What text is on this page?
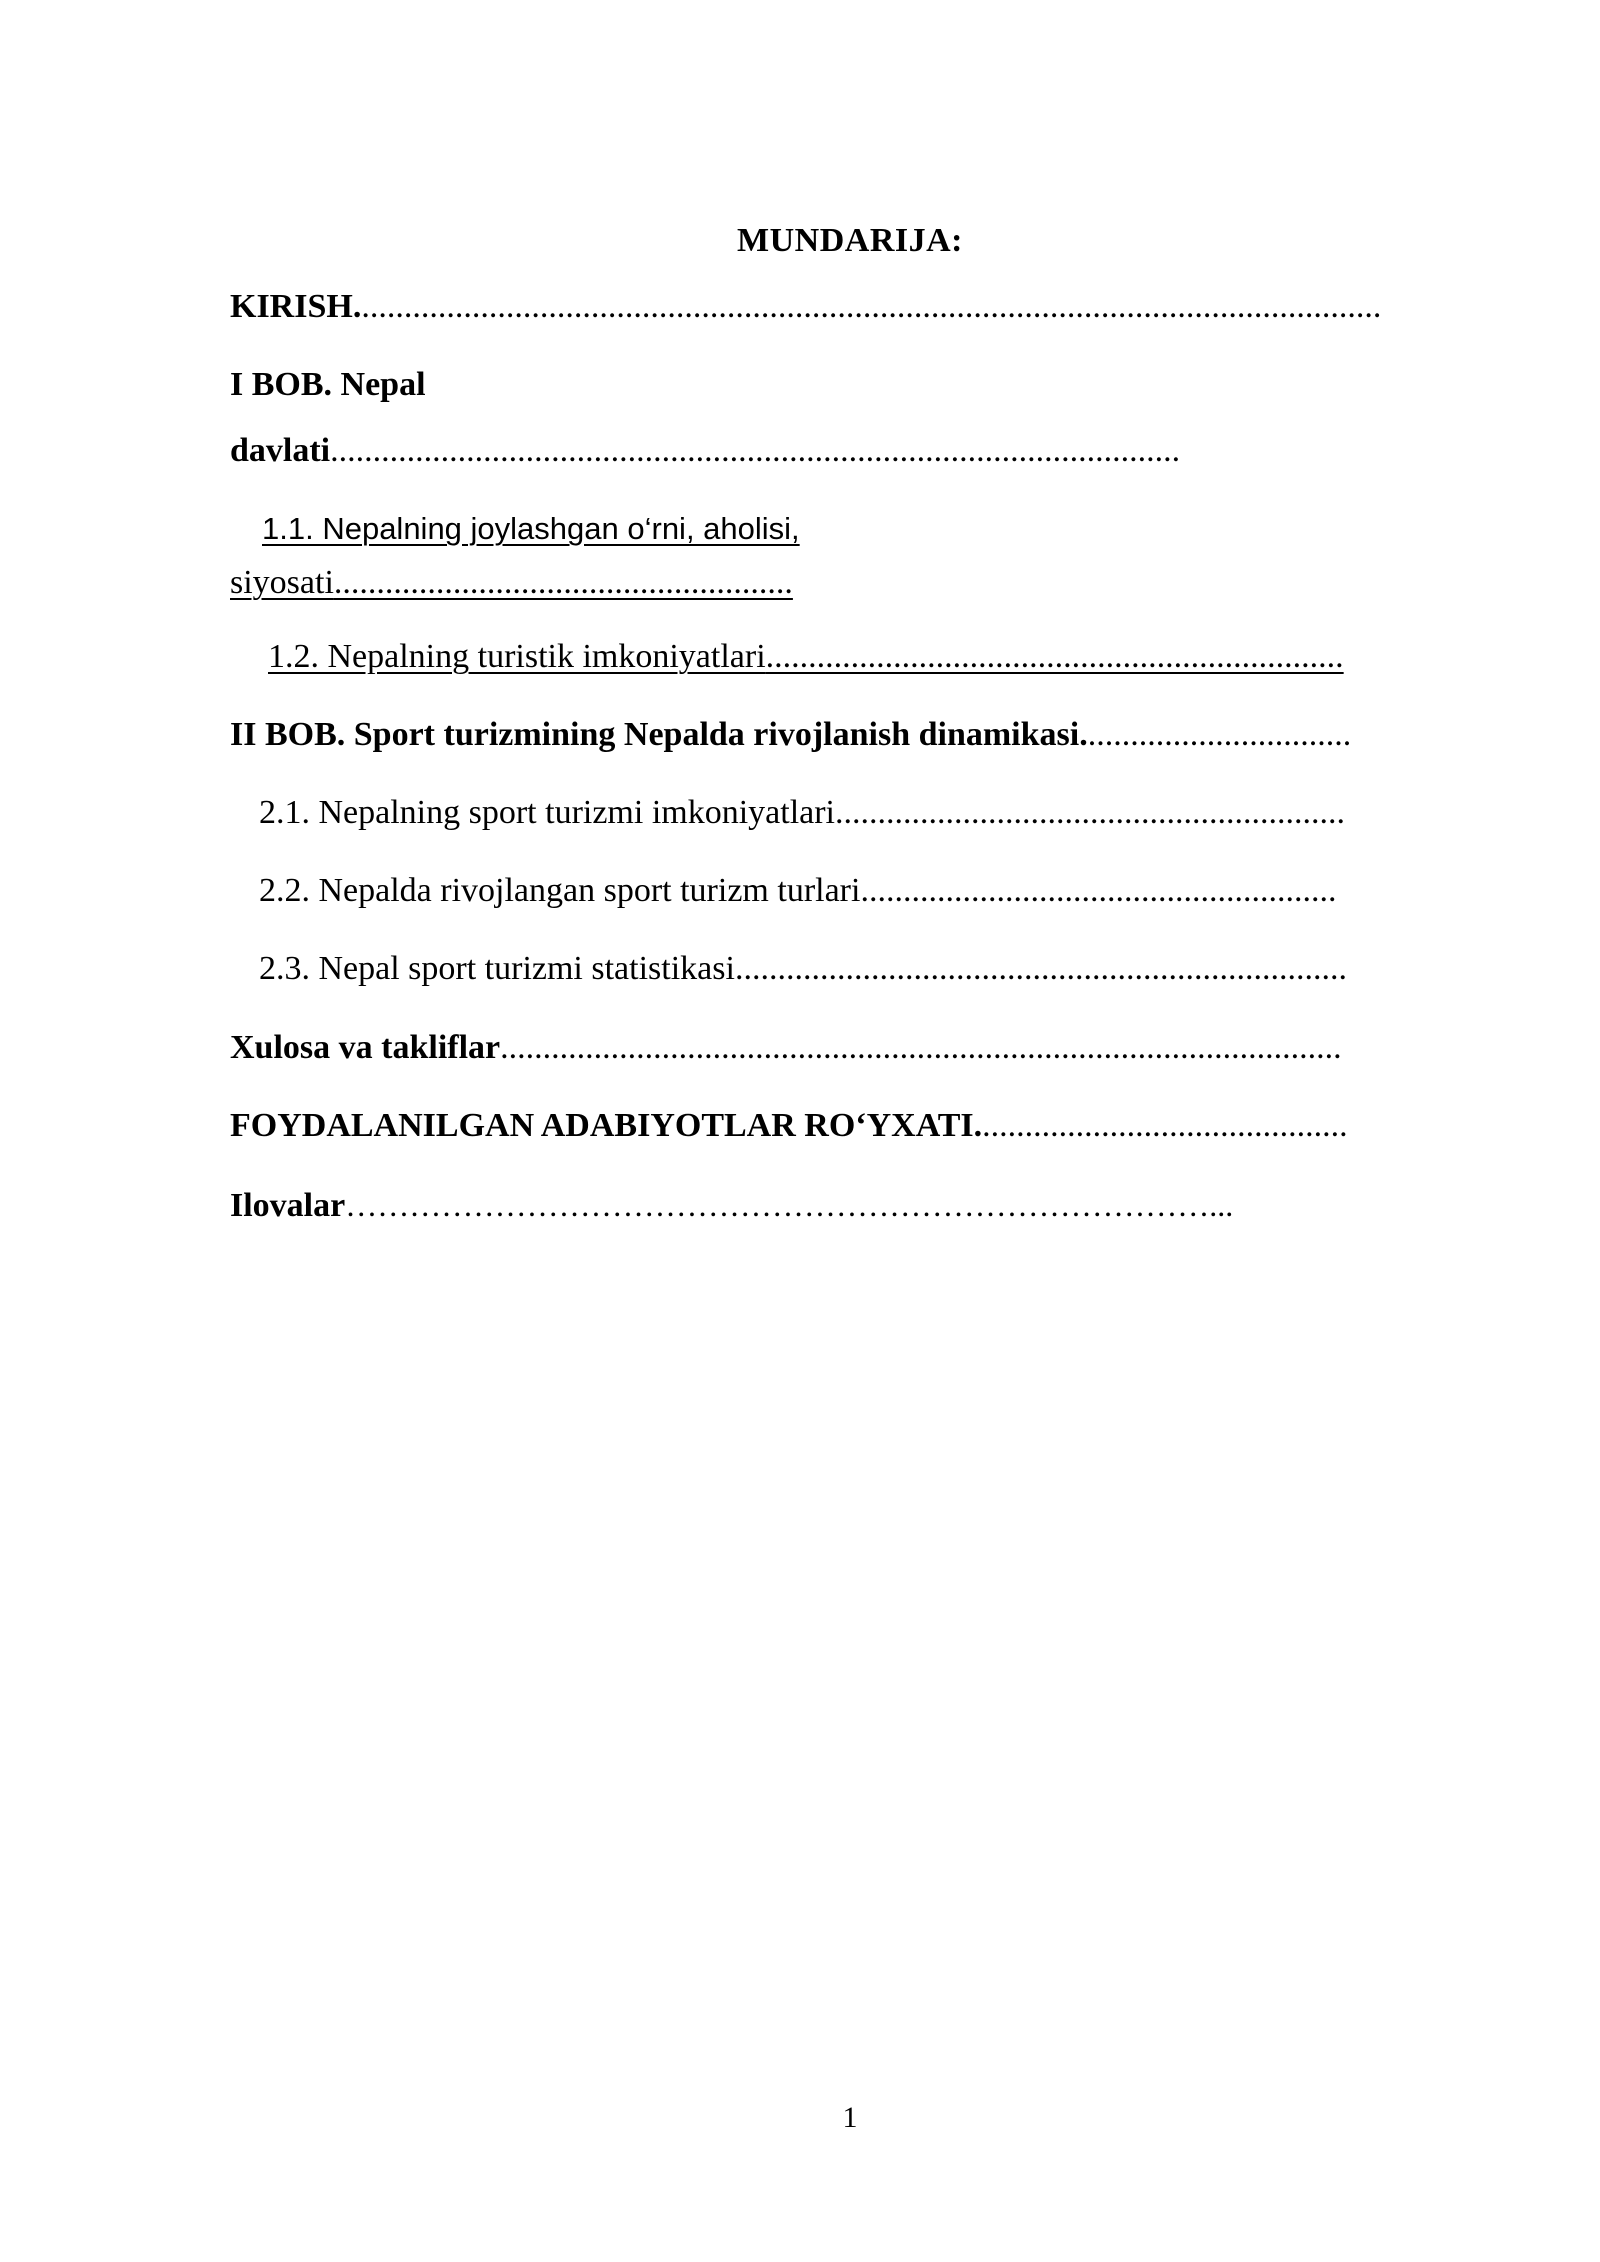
MUNDARIJA:
KIRISH.........................................................................................................................
I BOB. Nepal
davlati....................................................................................................
1.1. Nepalning joylashgan o‘rni, aholisi,
siyosati......................................................
1.2. Nepalning turistik imkoniyatlari....................................................................
II BOB. Sport turizmining Nepalda rivojlanish dinamikasi................................
2.1. Nepalning sport turizmi imkoniyatlari............................................................
2.2. Nepalda rivojlangan sport turizm turlari........................................................
2.3. Nepal sport turizmi statistikasi........................................................................
Xulosa va takliflar...................................................................................................
FOYDALANILGAN ADABIYOTLAR RO‘YXATI............................................
Ilovalar………………………………………………………………………...
1
